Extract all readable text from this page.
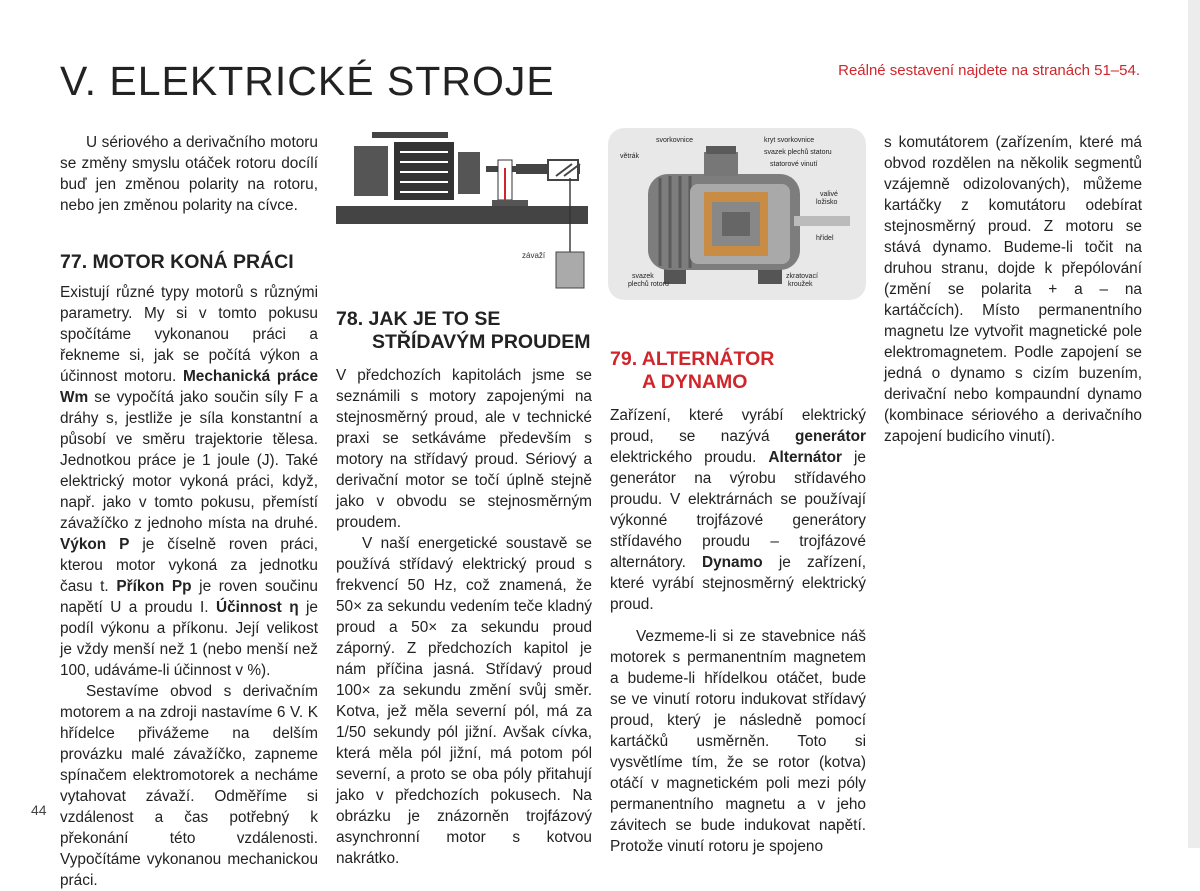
V. ELEKTRICKÉ STROJE	Reálné sestavení najdete na stranách 51–54.

U sériového a derivačního motoru se změny smyslu otáček rotoru docílí buď jen změnou polarity na rotoru, nebo jen změnou polarity na cívce.

77. MOTOR KONÁ PRÁCI

Existují různé typy motorů s různými parametry. My si v tomto pokusu spočítáme vykonanou práci a řekneme si, jak se počítá výkon a účinnost motoru. Mechanická práce Wm se vypočítá jako součin síly F a dráhy s, jestliže je síla konstantní a působí ve směru trajektorie tělesa. Jednotkou práce je 1 joule (J). Také elektrický motor vykoná práci, když, např. jako v tomto pokusu, přemístí závažíčko z jednoho místa na druhé. Výkon P je číselně roven práci, kterou motor vykoná za jednotku času t. Příkon Pp je roven součinu napětí U a proudu I. Účinnost η je podíl výkonu a příkonu. Její velikost je vždy menší než 1 (nebo menší než 100, udáváme-li účinnost v %).

Sestavíme obvod s derivačním motorem a na zdroji nastavíme 6 V. K hřídelce přivážeme na delším provázku malé závažíčko, zapneme spínačem elektromotorek a necháme vytahovat závaží. Odměříme si vzdálenost a čas potřebný k překonání této vzdálenosti. Vypočítáme vykonanou mechanickou práci.

závaží
78. JAK JE TO SE
STŘÍDAVÝM PROUDEM

V předchozích kapitolách jsme se seznámili s motory zapojenými na stejnosměrný proud, ale v technické praxi se setkáváme především s motory na střídavý proud. Sériový a derivační motor se točí úplně stejně jako v obvodu se stejnosměrným proudem.

V naší energetické soustavě se používá střídavý elektrický proud s frekvencí 50 Hz, což znamená, že 50× za sekundu vedením teče kladný proud a 50× za sekundu proud záporný. Z předchozích kapitol je nám příčina jasná. Střídavý proud 100× za sekundu změní svůj směr. Kotva, jež měla severní pól, má za 1/50 sekundy pól jižní. Avšak cívka, která měla pól jižní, má potom pól severní, a proto se oba póly přitahují jako v předchozích pokusech. Na obrázku je znázorněn trojfázový asynchronní motor s kotvou nakrátko.

svorkovnice	kryt svorkovnice
větrák
svazek plechů statoru
statorové vinutí
valivé
ložisko
hřídel
svazek
plechů rotoru
zkratovací
kroužek
79. ALTERNÁTOR
A DYNAMO

Zařízení, které vyrábí elektrický proud, se nazývá generátor elektrického proudu. Alternátor je generátor na výrobu střídavého proudu. V elektrárnách se používají výkonné trojfázové generátory střídavého proudu – trojfázové alternátory. Dynamo je zařízení, které vyrábí stejnosměrný elektrický proud.

Vezmeme-li si ze stavebnice náš motorek s permanentním magnetem a budeme-li hřídelkou otáčet, bude se ve vinutí rotoru indukovat střídavý proud, který je následně pomocí kartáčků usměrněn. Toto si vysvětlíme tím, že se rotor (kotva) otáčí v magnetickém poli mezi póly permanentního magnetu a v jeho závitech se bude indukovat napětí. Protože vinutí rotoru je spojeno

s komutátorem (zařízením, které má obvod rozdělen na několik segmentů vzájemně odizolovaných), můžeme kartáčky z komutátoru odebírat stejnosměrný proud. Z motoru se stává dynamo. Budeme-li točit na druhou stranu, dojde k přepólování (změní se polarita + a – na kartáčcích). Místo permanentního magnetu lze vytvořit magnetické pole elektromagnetem. Podle zapojení se jedná o dynamo s cizím buzením, derivační nebo kompaundní dynamo (kombinace sériového a derivačního zapojení budicího vinutí).

44
